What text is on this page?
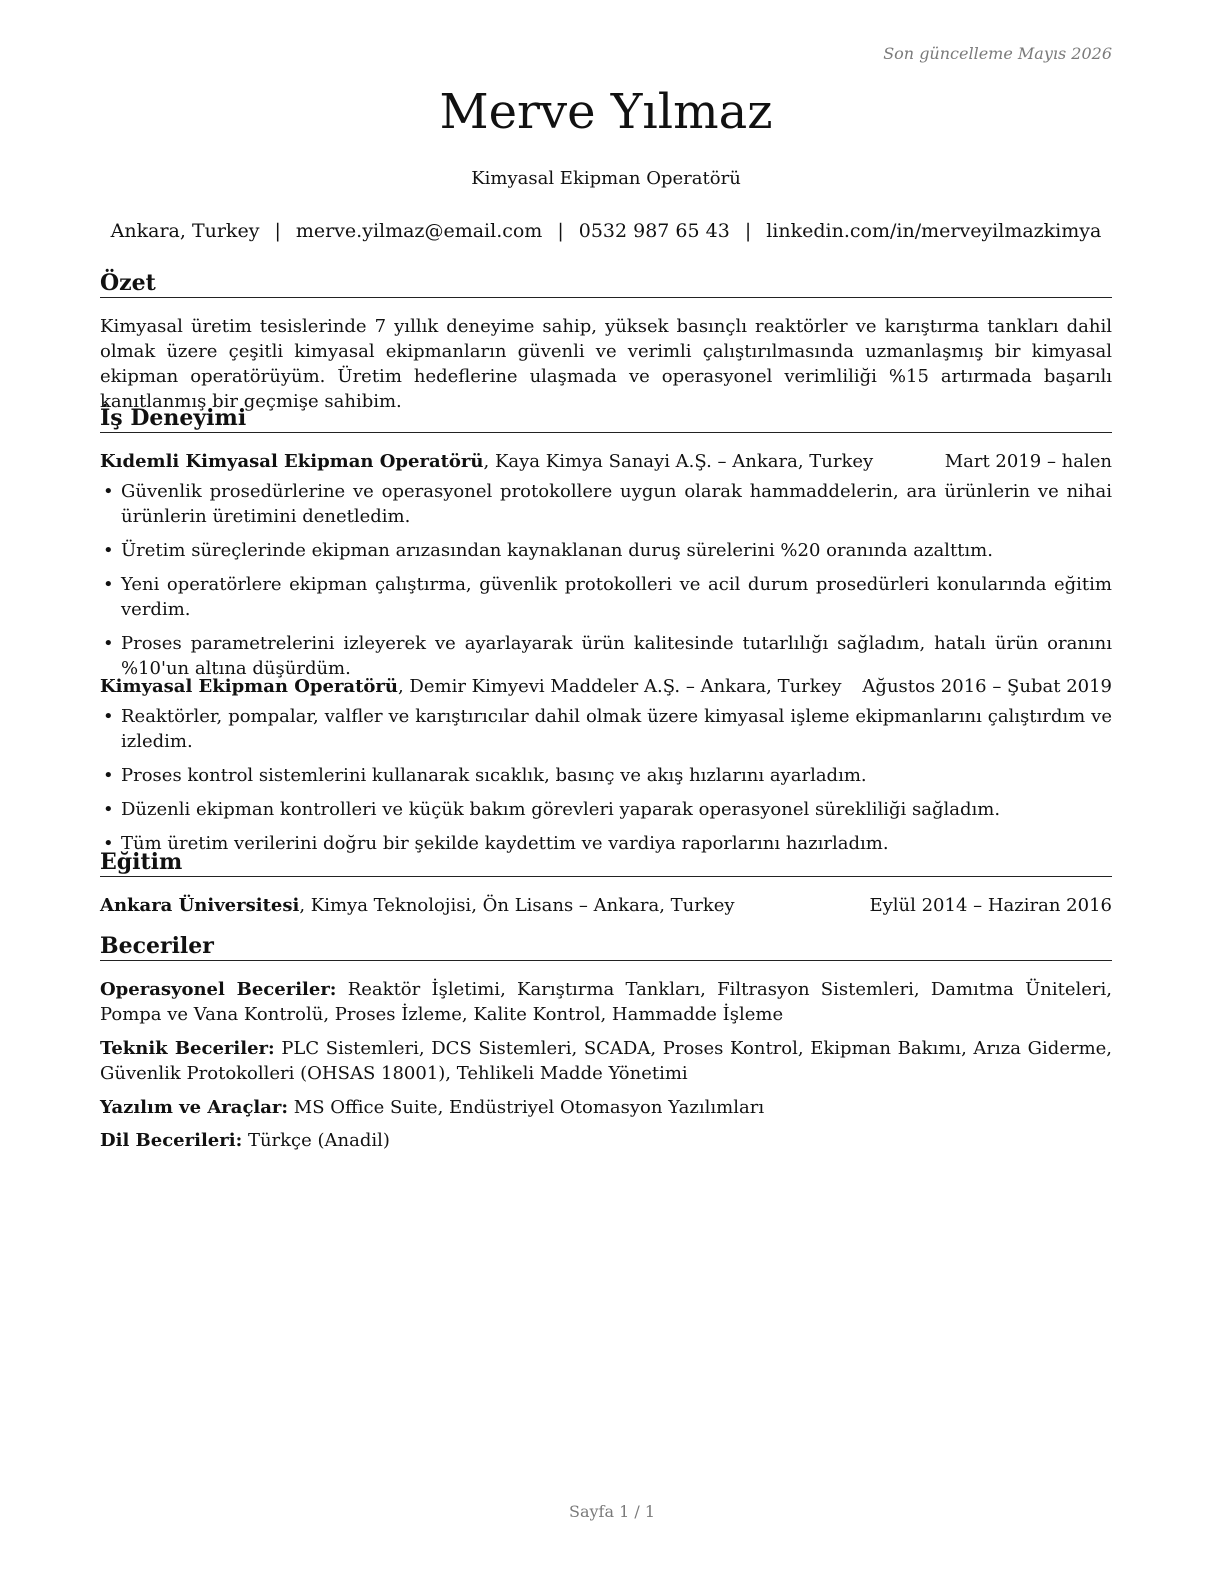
Son güncelleme Mayıs 2026
Merve Yılmaz
Kimyasal Ekipman Operatörü
Ankara, Turkey | merve.yilmaz@email.com | 0532 987 65 43 | linkedin.com/in/merveyilmazkimya
Özet
Kimyasal üretim tesislerinde 7 yıllık deneyime sahip, yüksek basınçlı reaktörler ve karıştırma tankları dahil olmak üzere çeşitli kimyasal ekipmanların güvenli ve verimli çalıştırılmasında uzmanlaşmış bir kimyasal ekipman operatörüyüm. Üretim hedeflerine ulaşmada ve operasyonel verimliliği %15 artırmada başarılı kanıtlanmış bir geçmişe sahibim.
İş Deneyimi
Kıdemli Kimyasal Ekipman Operatörü, Kaya Kimya Sanayi A.Ş. – Ankara, Turkey	Mart 2019 – halen
• Güvenlik prosedürlerine ve operasyonel protokollere uygun olarak hammaddelerin, ara ürünlerin ve nihai ürünlerin üretimini denetledim.
• Üretim süreçlerinde ekipman arızasından kaynaklanan duruş sürelerini %20 oranında azalttım.
• Yeni operatörlere ekipman çalıştırma, güvenlik protokolleri ve acil durum prosedürleri konularında eğitim verdim.
• Proses parametrelerini izleyerek ve ayarlayarak ürün kalitesinde tutarlılığı sağladım, hatalı ürün oranını %10'un altına düşürdüm.
Kimyasal Ekipman Operatörü, Demir Kimyevi Maddeler A.Ş. – Ankara, Turkey Ağustos 2016 – Şubat 2019
• Reaktörler, pompalar, valfler ve karıştırıcılar dahil olmak üzere kimyasal işleme ekipmanlarını çalıştırdım ve izledim.
• Proses kontrol sistemlerini kullanarak sıcaklık, basınç ve akış hızlarını ayarladım.
• Düzenli ekipman kontrolleri ve küçük bakım görevleri yaparak operasyonel sürekliliği sağladım.
• Tüm üretim verilerini doğru bir şekilde kaydettim ve vardiya raporlarını hazırladım.
Eğitim
Ankara Üniversitesi, Kimya Teknolojisi, Ön Lisans – Ankara, Turkey	Eylül 2014 – Haziran 2016
Beceriler
Operasyonel Beceriler: Reaktör İşletimi, Karıştırma Tankları, Filtrasyon Sistemleri, Damıtma Üniteleri, Pompa ve Vana Kontrolü, Proses İzleme, Kalite Kontrol, Hammadde İşleme
Teknik Beceriler: PLC Sistemleri, DCS Sistemleri, SCADA, Proses Kontrol, Ekipman Bakımı, Arıza Giderme, Güvenlik Protokolleri (OHSAS 18001), Tehlikeli Madde Yönetimi
Yazılım ve Araçlar: MS Office Suite, Endüstriyel Otomasyon Yazılımları
Dil Becerileri: Türkçe (Anadil)
Sayfa 1 / 1
